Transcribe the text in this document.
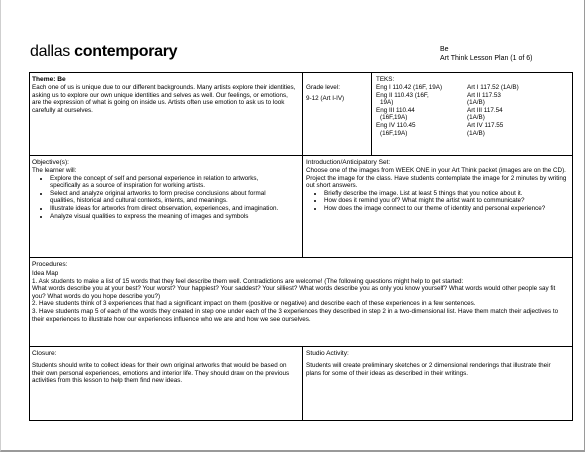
dallas contemporary	Be
Art Think Lesson Plan (1 of 6)
Theme: Be
Each one of us is unique due to our different backgrounds. Many artists explore their identities, asking us to explore our own unique identities and selves as well. Our feelings, or emotions, are the expression of what is going on inside us. Artists often use emotion to ask us to look carefully at ourselves.
Grade level:
9-12 (Art I-IV)
TEKS:
Eng I 110.42 (16F, 19A)	Art I 117.52 (1A/B)
Eng II 110.43 (16F,	Art II 117.53
19A)	(1A/B)
Eng III 110.44	Art III 117.54
(16F,19A)	(1A/B)
Eng IV 110.45	Art IV 117.55
(16F,19A)	(1A/B)
Objective(s):
The learner will:
• Explore the concept of self and personal experience in relation to artworks, specifically as a source of inspiration for working artists.
• Select and analyze original artworks to form precise conclusions about formal qualities, historical and cultural contexts, intents, and meanings.
• Illustrate ideas for artworks from direct observation, experiences, and imagination.
• Analyze visual qualities to express the meaning of images and symbols
Introduction/Anticipatory Set:
Choose one of the images from WEEK ONE in your Art Think packet (images are on the CD). Project the image for the class. Have students contemplate the image for 2 minutes by writing out short answers.
• Briefly describe the image. List at least 5 things that you notice about it.
• How does it remind you of? What might the artist want to communicate?
• How does the image connect to our theme of identity and personal experience?
Procedures:
Idea Map
1. Ask students to make a list of 15 words that they feel describe them well. Contradictions are welcome! (The following questions might help to get started:
What words describe you at your best? Your worst? Your happiest? Your saddest? Your silliest? What words describe you as only you know yourself? What words would other people say fit you? What words do you hope describe you?)
2. Have students think of 3 experiences that had a significant impact on them (positive or negative) and describe each of these experiences in a few sentences.
3. Have students map 5 of each of the words they created in step one under each of the 3 experiences they described in step 2 in a two-dimensional list. Have them match their adjectives to their experiences to illustrate how our experiences influence who we are and how we see ourselves.
Closure:
Students should write to collect ideas for their own original artworks that would be based on their own personal experiences, emotions and interior life. They should draw on the previous activities from this lesson to help them find new ideas.
Studio Activity:
Students will create preliminary sketches or 2 dimensional renderings that illustrate their plans for some of their ideas as described in their writings.
